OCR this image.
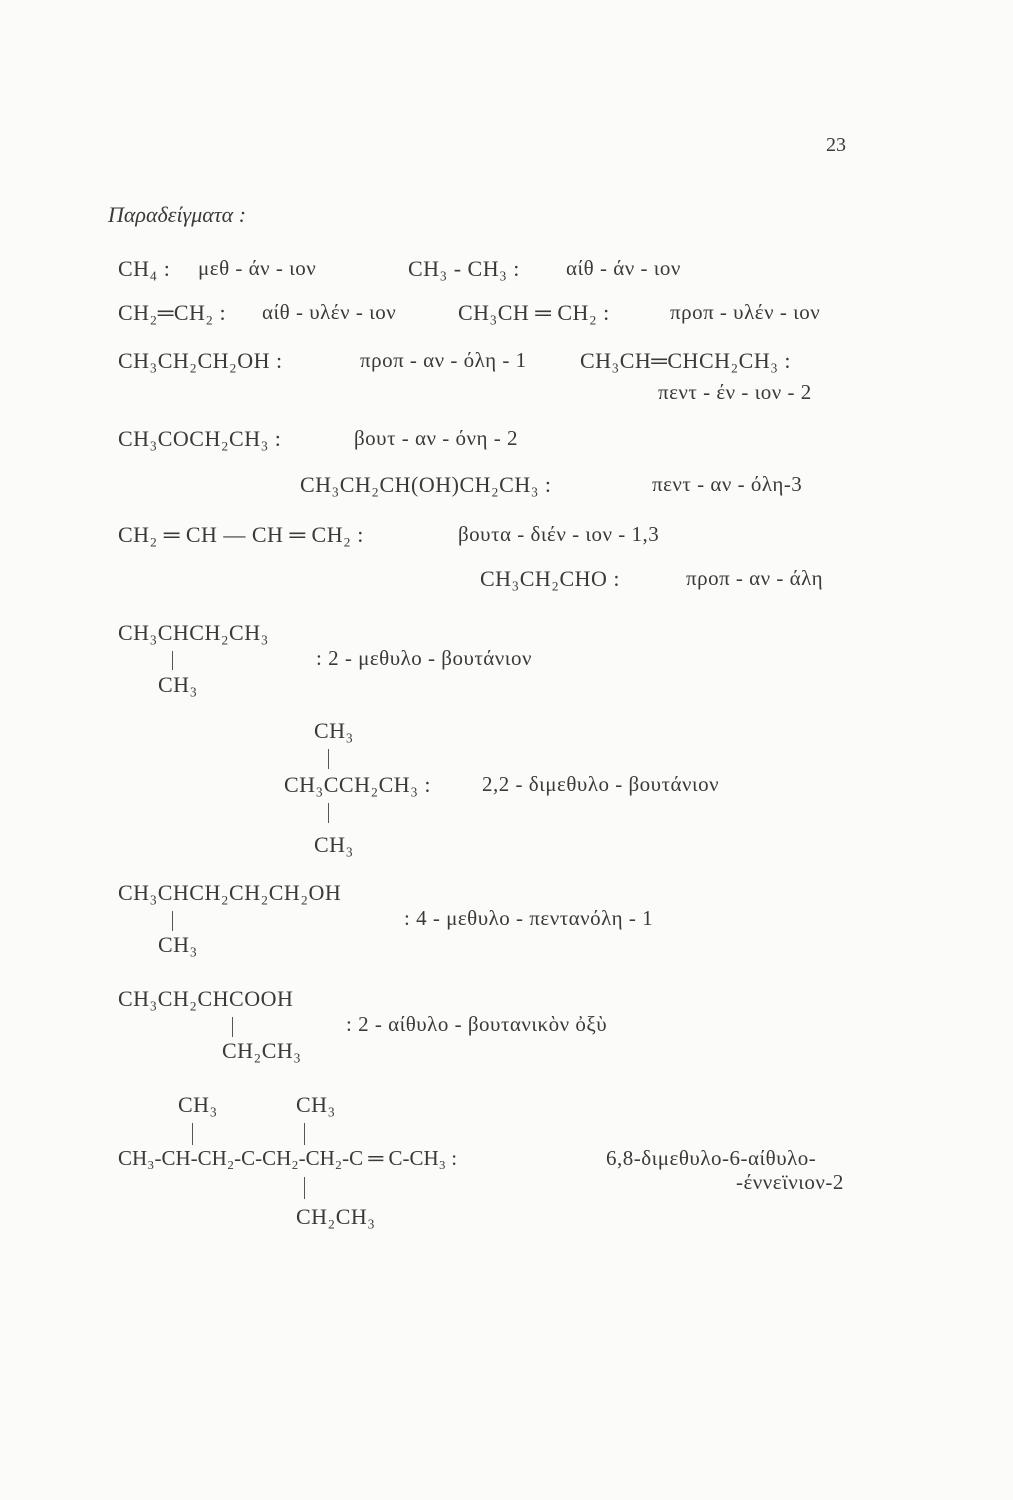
23
Παραδείγματα :
CH₄ : μεθ - άν - ιον	CH₃ - CH₃ : αίθ - άν - ιον
CH₂═CH₂ : αίθ - υλέν - ιον	CH₃CH ═ CH₂ :	προπ - υλέν - ιον
CH₃CH₂CH₂OH :	προπ - αν - όλη - 1 CH₃CH═CHCH₂CH₃ :
πεντ - έν - ιον - 2
CH₃COCH₂CH₃ :	βουτ - αν - όνη - 2
CH₃CH₂CH(OH)CH₂CH₃ :	πεντ - αν - όλη-3
CH₂ ═ CH — CH ═ CH₂ :	βουτα - διέν - ιον - 1,3
CH₃CH₂CHO :	προπ - αν - άλη
CH₃CHCH₂CH₃
CH₃
: 2 - μεθυλο - βουτάνιον
CH₃
CH₃CCH₂CH₃ : 2,2 - διμεθυλο - βουτάνιον
CH₃
CH₃CHCH₂CH₂CH₂OH
CH₃
: 4 - μεθυλο - πεντανόλη - 1
CH₃CH₂CHCOOH
CH₂CH₃
: 2 - αίθυλο - βουτανικὸν ὀξὺ
CH₃	CH₃
CH₃-CH-CH₂-C-CH₂-CH₂-C ═ C-CH₃ :	6,8-διμεθυλο-6-αίθυλο-
-έννεϊνιον-2
CH₂CH₃
